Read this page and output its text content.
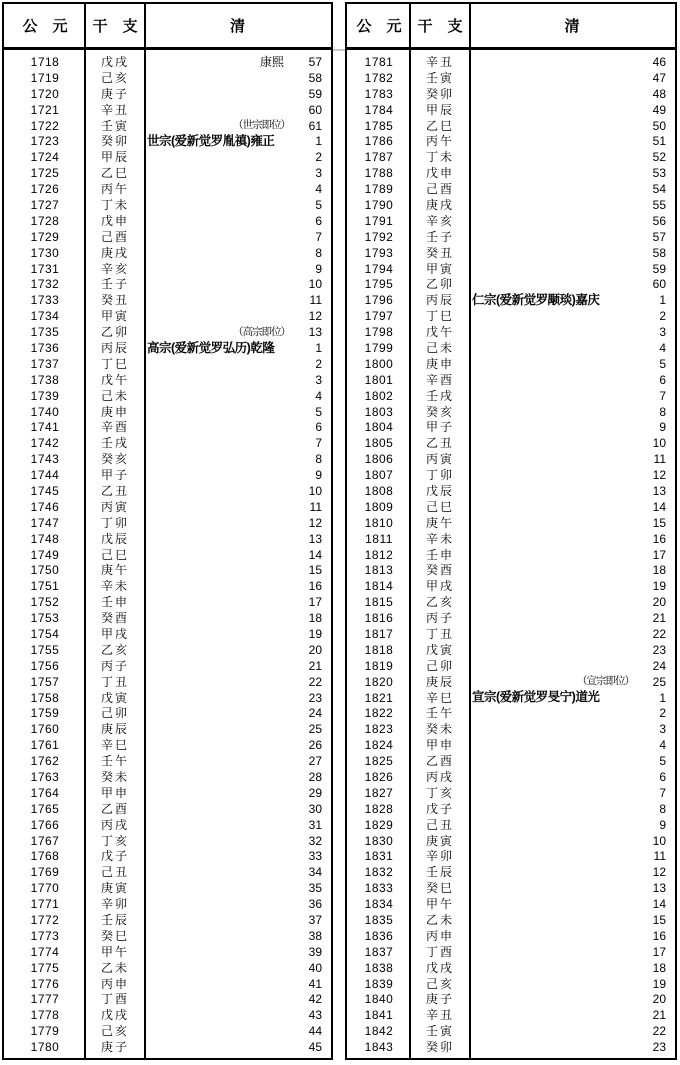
公　元	干　支	清
1718	戊戌	康熙	57
1719	己亥	58
1720	庚子	59
1721	辛丑	60
1722	壬寅	（世宗即位）	61
1723	癸卯	世宗(爱新觉罗胤禛)雍正	1
1724	甲辰	2
1725	乙巳	3
1726	丙午	4
1727	丁未	5
1728	戊申	6
1729	己酉	7
1730	庚戌	8
1731	辛亥	9
1732	壬子	10
1733	癸丑	11
1734	甲寅	12
1735	乙卯	（高宗即位）	13
1736	丙辰	高宗(爱新觉罗弘历)乾隆	1
1737	丁巳	2
1738	戊午	3
1739	己未	4
1740	庚申	5
1741	辛酉	6
1742	壬戌	7
1743	癸亥	8
1744	甲子	9
1745	乙丑	10
1746	丙寅	11
1747	丁卯	12
1748	戊辰	13
1749	己巳	14
1750	庚午	15
1751	辛未	16
1752	壬申	17
1753	癸酉	18
1754	甲戌	19
1755	乙亥	20
1756	丙子	21
1757	丁丑	22
1758	戊寅	23
1759	己卯	24
1760	庚辰	25
1761	辛巳	26
1762	壬午	27
1763	癸未	28
1764	甲申	29
1765	乙酉	30
1766	丙戌	31
1767	丁亥	32
1768	戊子	33
1769	己丑	34
1770	庚寅	35
1771	辛卯	36
1772	壬辰	37
1773	癸巳	38
1774	甲午	39
1775	乙未	40
1776	丙申	41
1777	丁酉	42
1778	戊戌	43
1779	己亥	44
1780	庚子	45
公　元	干　支	清
1781	辛丑	46
1782	壬寅	47
1783	癸卯	48
1784	甲辰	49
1785	乙巳	50
1786	丙午	51
1787	丁未	52
1788	戊申	53
1789	己酉	54
1790	庚戌	55
1791	辛亥	56
1792	壬子	57
1793	癸丑	58
1794	甲寅	59
1795	乙卯	60
1796	丙辰	仁宗(爱新觉罗颙琰)嘉庆	1
1797	丁巳	2
1798	戊午	3
1799	己未	4
1800	庚申	5
1801	辛酉	6
1802	壬戌	7
1803	癸亥	8
1804	甲子	9
1805	乙丑	10
1806	丙寅	11
1807	丁卯	12
1808	戊辰	13
1809	己巳	14
1810	庚午	15
1811	辛未	16
1812	壬申	17
1813	癸酉	18
1814	甲戌	19
1815	乙亥	20
1816	丙子	21
1817	丁丑	22
1818	戊寅	23
1819	己卯	24
1820	庚辰	（宣宗即位）	25
1821	辛巳	宣宗(爱新觉罗旻宁)道光	1
1822	壬午	2
1823	癸未	3
1824	甲申	4
1825	乙酉	5
1826	丙戌	6
1827	丁亥	7
1828	戊子	8
1829	己丑	9
1830	庚寅	10
1831	辛卯	11
1832	壬辰	12
1833	癸巳	13
1834	甲午	14
1835	乙未	15
1836	丙申	16
1837	丁酉	17
1838	戊戌	18
1839	己亥	19
1840	庚子	20
1841	辛丑	21
1842	壬寅	22
1843	癸卯	23
